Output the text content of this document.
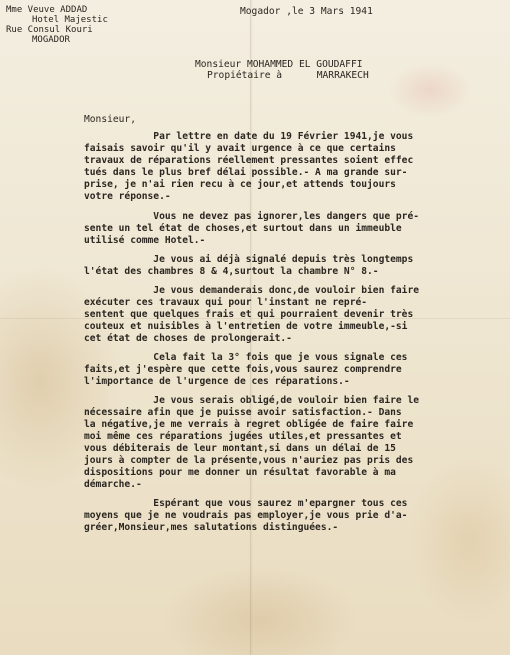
Mme Veuve ADDAD

Hotel Majestic

Rue Consul Kouri

MOGADOR

Mogador ,le 3 Mars 1941

Monsieur MOHAMMED EL GOUDAFFI

Propiétaire à      MARRAKECH

Monsieur,

Par lettre en date du 19 Février 1941,je vous

faisais savoir qu'il y avait urgence à ce que certains

travaux de réparations réellement pressantes soient effec

tués dans le plus bref délai possible.- A ma grande sur-

prise, je n'ai rien recu à ce jour,et attends toujours

votre réponse.-

Vous ne devez pas ignorer,les dangers que pré-

sente un tel état de choses,et surtout dans un immeuble

utilisé comme Hotel.-

Je vous ai déjà signalé depuis très longtemps

l'état des chambres 8 & 4,surtout la chambre N° 8.-

Je vous demanderais donc,de vouloir bien faire

exécuter ces travaux qui pour l'instant ne repré-

sentent que quelques frais et qui pourraient devenir très

couteux et nuisibles à l'entretien de votre immeuble,-si

cet état de choses de prolongerait.-

Cela fait la 3° fois que je vous signale ces

faits,et j'espère que cette fois,vous saurez comprendre

l'importance de l'urgence de ces réparations.-

Je vous serais obligé,de vouloir bien faire le

nécessaire afin que je puisse avoir satisfaction.- Dans

la négative,je me verrais à regret obligée de faire faire

moi même ces réparations jugées utiles,et pressantes et

vous débiterais de leur montant,si dans un délai de 15

jours à compter de la présente,vous n'auriez pas pris des

dispositions pour me donner un résultat favorable à ma

démarche.-

Espérant que vous saurez m'epargner tous ces

moyens que je ne voudrais pas employer,je vous prie d'a-

gréer,Monsieur,mes salutations distinguées.-
